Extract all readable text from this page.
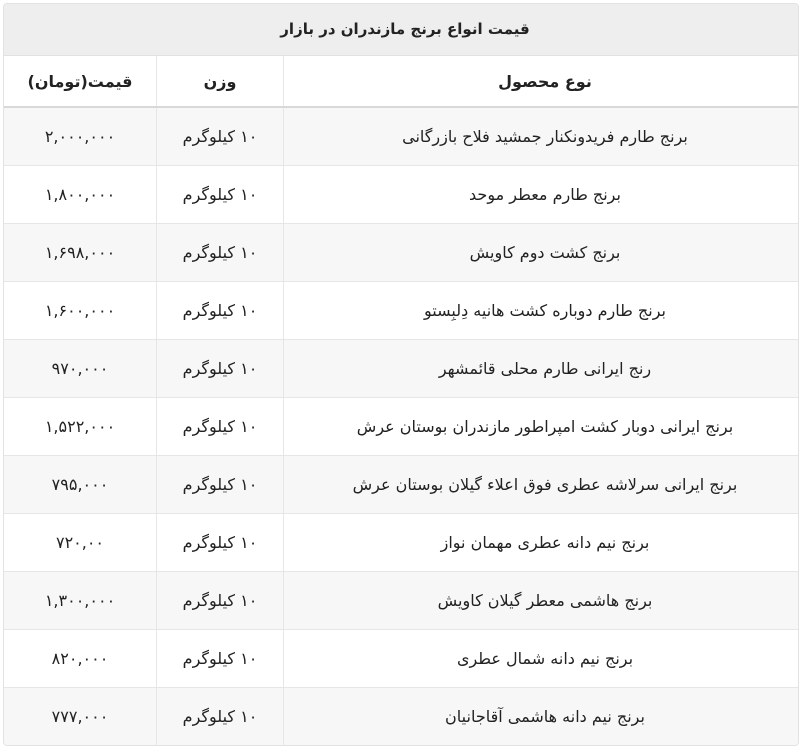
قیمت انواع برنج مازندران در بازار
نوع محصول	وزن	قیمت(تومان)
برنج طارم فریدونکنار جمشید فلاح بازرگانی	۱۰ کیلوگرم	۲,۰۰۰,۰۰۰
برنج طارم معطر موحد	۱۰ کیلوگرم	۱,۸۰۰,۰۰۰
برنج کشت دوم کاویش	۱۰ کیلوگرم	۱,۶۹۸,۰۰۰
برنج طارم دوباره کشت هانیه دِلبِستو	۱۰ کیلوگرم	۱,۶۰۰,۰۰۰
رنج ایرانی طارم محلی قائمشهر	۱۰ کیلوگرم	۹۷۰,۰۰۰
برنج ایرانی دوبار کشت امپراطور مازندران بوستان عرش	۱۰ کیلوگرم	۱,۵۲۲,۰۰۰
برنج ایرانی سرلاشه عطری فوق اعلاء گیلان بوستان عرش	۱۰ کیلوگرم	۷۹۵,۰۰۰
برنج نیم دانه عطری مهمان نواز	۱۰ کیلوگرم	۷۲۰,۰۰
برنج هاشمی معطر گیلان کاویش	۱۰ کیلوگرم	۱,۳۰۰,۰۰۰
برنج نیم دانه شمال عطری	۱۰ کیلوگرم	۸۲۰,۰۰۰
برنج نیم دانه هاشمی آقاجانیان	۱۰ کیلوگرم	۷۷۷,۰۰۰
